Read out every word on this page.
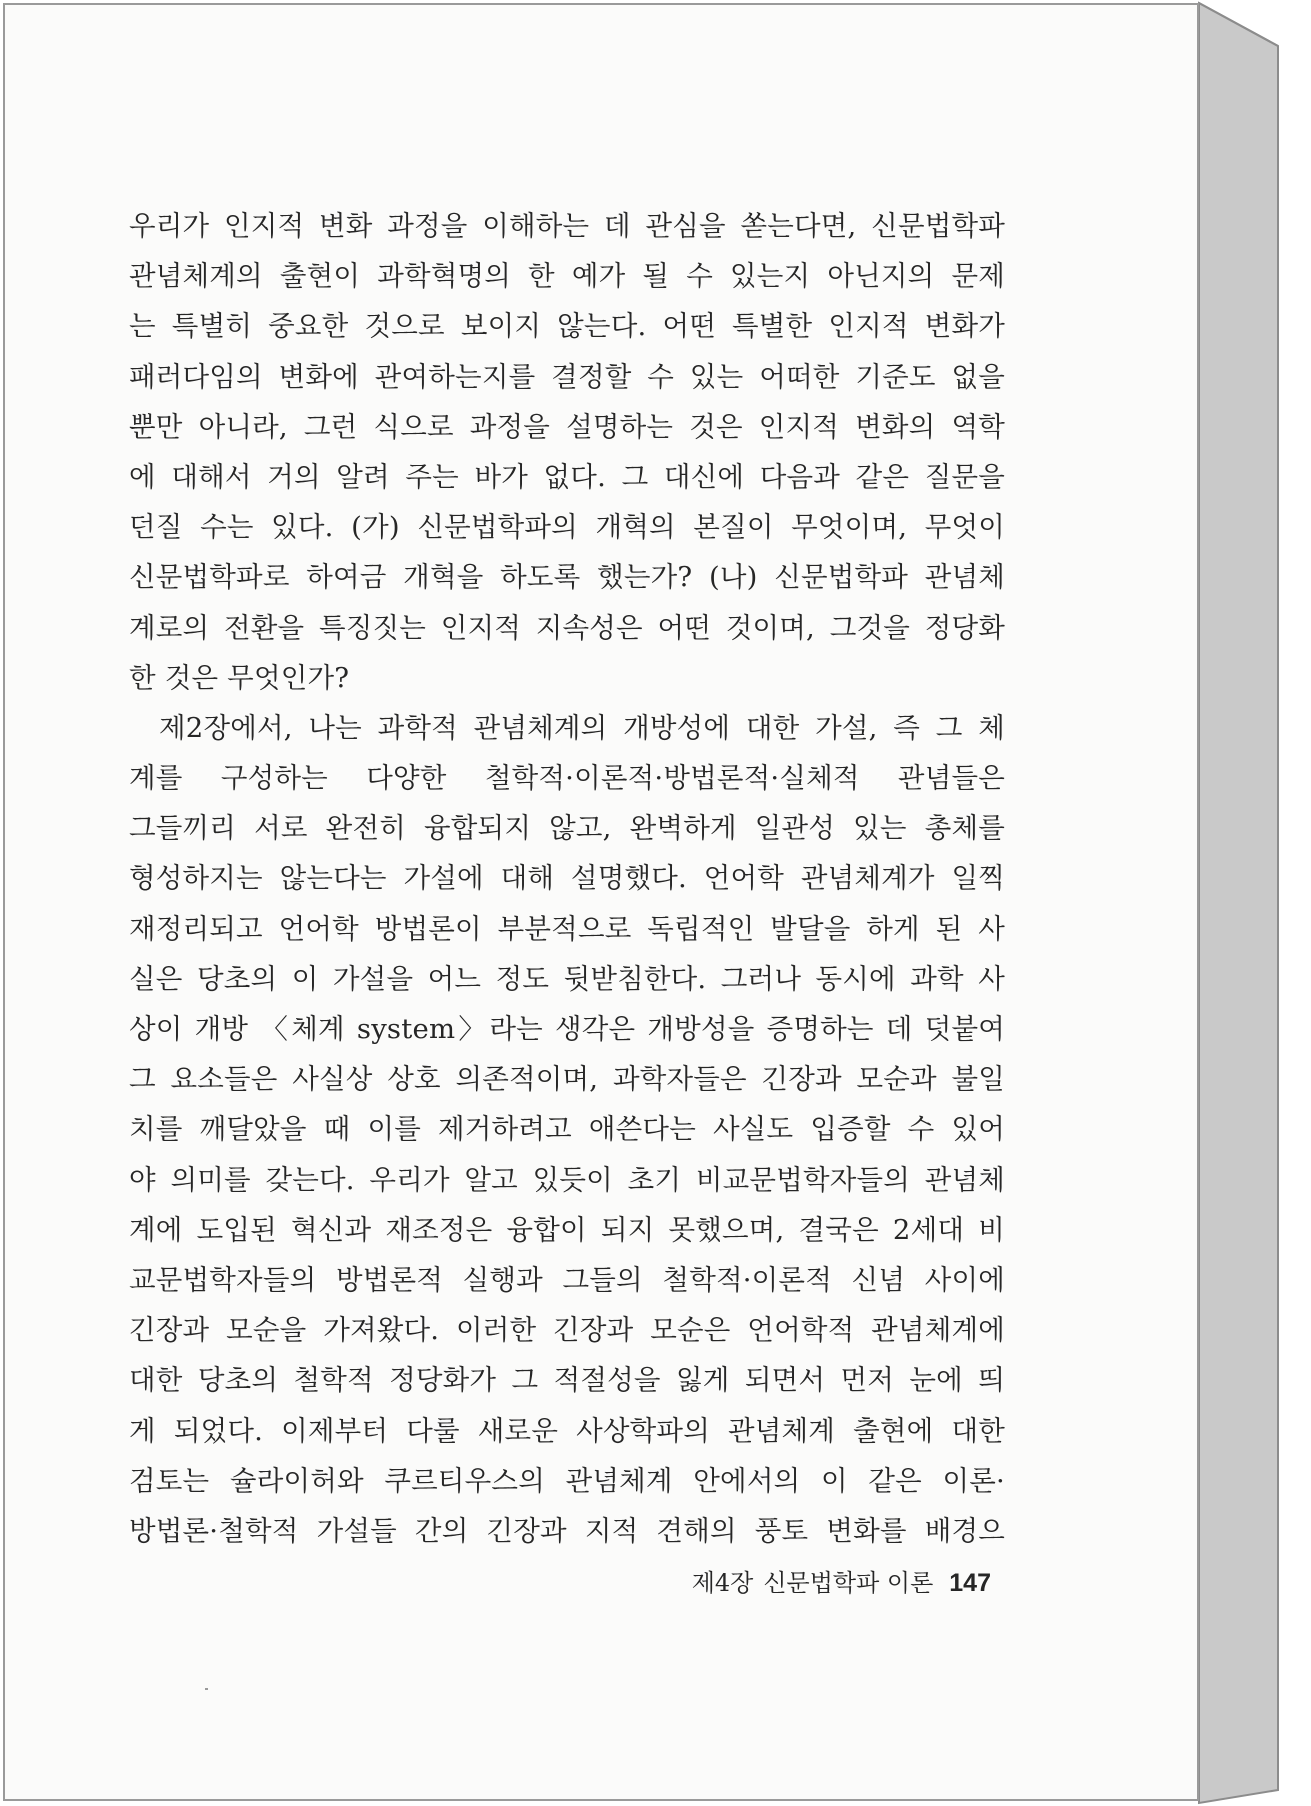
우리가 인지적 변화 과정을 이해하는 데 관심을 쏟는다면, 신문법학파
관념체계의 출현이 과학혁명의 한 예가 될 수 있는지 아닌지의 문제
는 특별히 중요한 것으로 보이지 않는다. 어떤 특별한 인지적 변화가
패러다임의 변화에 관여하는지를 결정할 수 있는 어떠한 기준도 없을
뿐만 아니라, 그런 식으로 과정을 설명하는 것은 인지적 변화의 역학
에 대해서 거의 알려 주는 바가 없다. 그 대신에 다음과 같은 질문을
던질 수는 있다. (가) 신문법학파의 개혁의 본질이 무엇이며, 무엇이
신문법학파로 하여금 개혁을 하도록 했는가? (나) 신문법학파 관념체
계로의 전환을 특징짓는 인지적 지속성은 어떤 것이며, 그것을 정당화
한 것은 무엇인가?
제2장에서, 나는 과학적 관념체계의 개방성에 대한 가설, 즉 그 체
계를 구성하는 다양한 철학적·이론적·방법론적·실체적 관념들은
그들끼리 서로 완전히 융합되지 않고, 완벽하게 일관성 있는 총체를
형성하지는 않는다는 가설에 대해 설명했다. 언어학 관념체계가 일찍
재정리되고 언어학 방법론이 부분적으로 독립적인 발달을 하게 된 사
실은 당초의 이 가설을 어느 정도 뒷받침한다. 그러나 동시에 과학 사
상이 개방 〈체계 system〉라는 생각은 개방성을 증명하는 데 덧붙여
그 요소들은 사실상 상호 의존적이며, 과학자들은 긴장과 모순과 불일
치를 깨달았을 때 이를 제거하려고 애쓴다는 사실도 입증할 수 있어
야 의미를 갖는다. 우리가 알고 있듯이 초기 비교문법학자들의 관념체
계에 도입된 혁신과 재조정은 융합이 되지 못했으며, 결국은 2세대 비
교문법학자들의 방법론적 실행과 그들의 철학적·이론적 신념 사이에
긴장과 모순을 가져왔다. 이러한 긴장과 모순은 언어학적 관념체계에
대한 당초의 철학적 정당화가 그 적절성을 잃게 되면서 먼저 눈에 띄
게 되었다. 이제부터 다룰 새로운 사상학파의 관념체계 출현에 대한
검토는 슐라이허와 쿠르티우스의 관념체계 안에서의 이 같은 이론·
방법론·철학적 가설들 간의 긴장과 지적 견해의 풍토 변화를 배경으
제4장 신문법학파 이론 147
